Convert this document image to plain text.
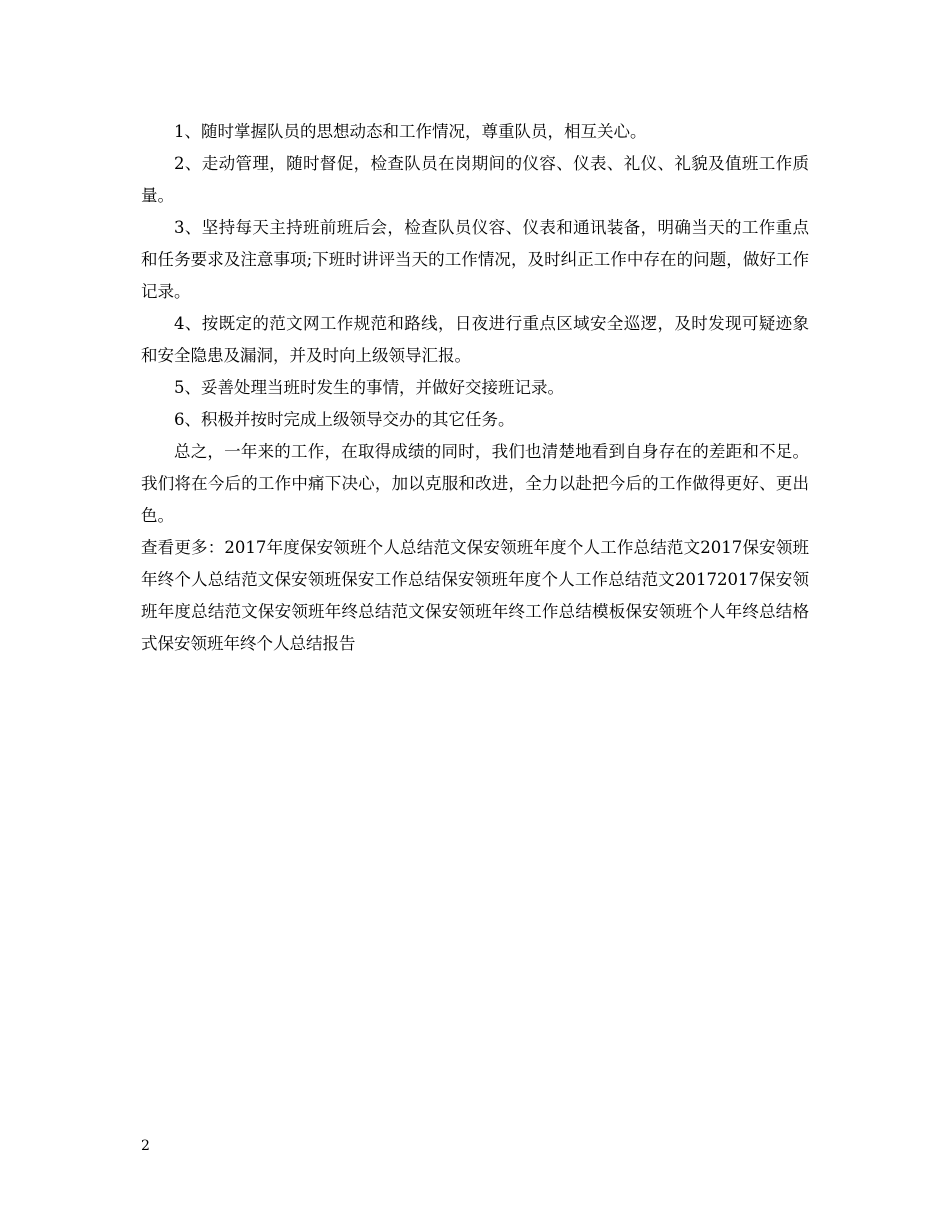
1、随时掌握队员的思想动态和工作情况，尊重队员，相互关心。

2、走动管理，随时督促，检查队员在岗期间的仪容、仪表、礼仪、礼貌及值班工作质量。

3、坚持每天主持班前班后会，检查队员仪容、仪表和通讯装备，明确当天的工作重点和任务要求及注意事项;下班时讲评当天的工作情况，及时纠正工作中存在的问题，做好工作记录。

4、按既定的范文网工作规范和路线，日夜进行重点区域安全巡逻，及时发现可疑迹象和安全隐患及漏洞，并及时向上级领导汇报。

5、妥善处理当班时发生的事情，并做好交接班记录。

6、积极并按时完成上级领导交办的其它任务。

总之，一年来的工作，在取得成绩的同时，我们也清楚地看到自身存在的差距和不足。我们将在今后的工作中痛下决心，加以克服和改进，全力以赴把今后的工作做得更好、更出色。

查看更多：2017年度保安领班个人总结范文保安领班年度个人工作总结范文2017保安领班年终个人总结范文保安领班保安工作总结保安领班年度个人工作总结范文20172017保安领班年度总结范文保安领班年终总结范文保安领班年终工作总结模板保安领班个人年终总结格式保安领班年终个人总结报告

2
